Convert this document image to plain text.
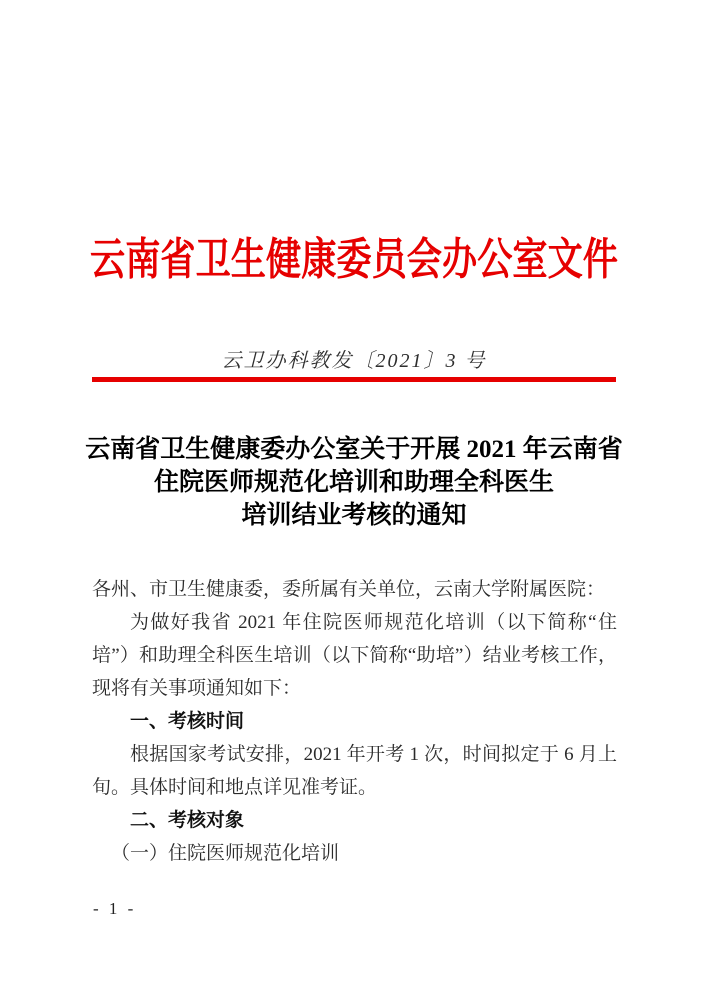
云南省卫生健康委员会办公室文件
云卫办科教发〔2021〕3 号
云南省卫生健康委办公室关于开展 2021 年云南省
住院医师规范化培训和助理全科医生
培训结业考核的通知

各州、市卫生健康委，委所属有关单位，云南大学附属医院：

为做好我省 2021 年住院医师规范化培训（以下简称“住培”）和助理全科医生培训（以下简称“助培”）结业考核工作，现将有关事项通知如下：

一、考核时间

根据国家考试安排，2021 年开考 1 次，时间拟定于 6 月上旬。具体时间和地点详见准考证。

二、考核对象

（一）住院医师规范化培训

- 1 -
